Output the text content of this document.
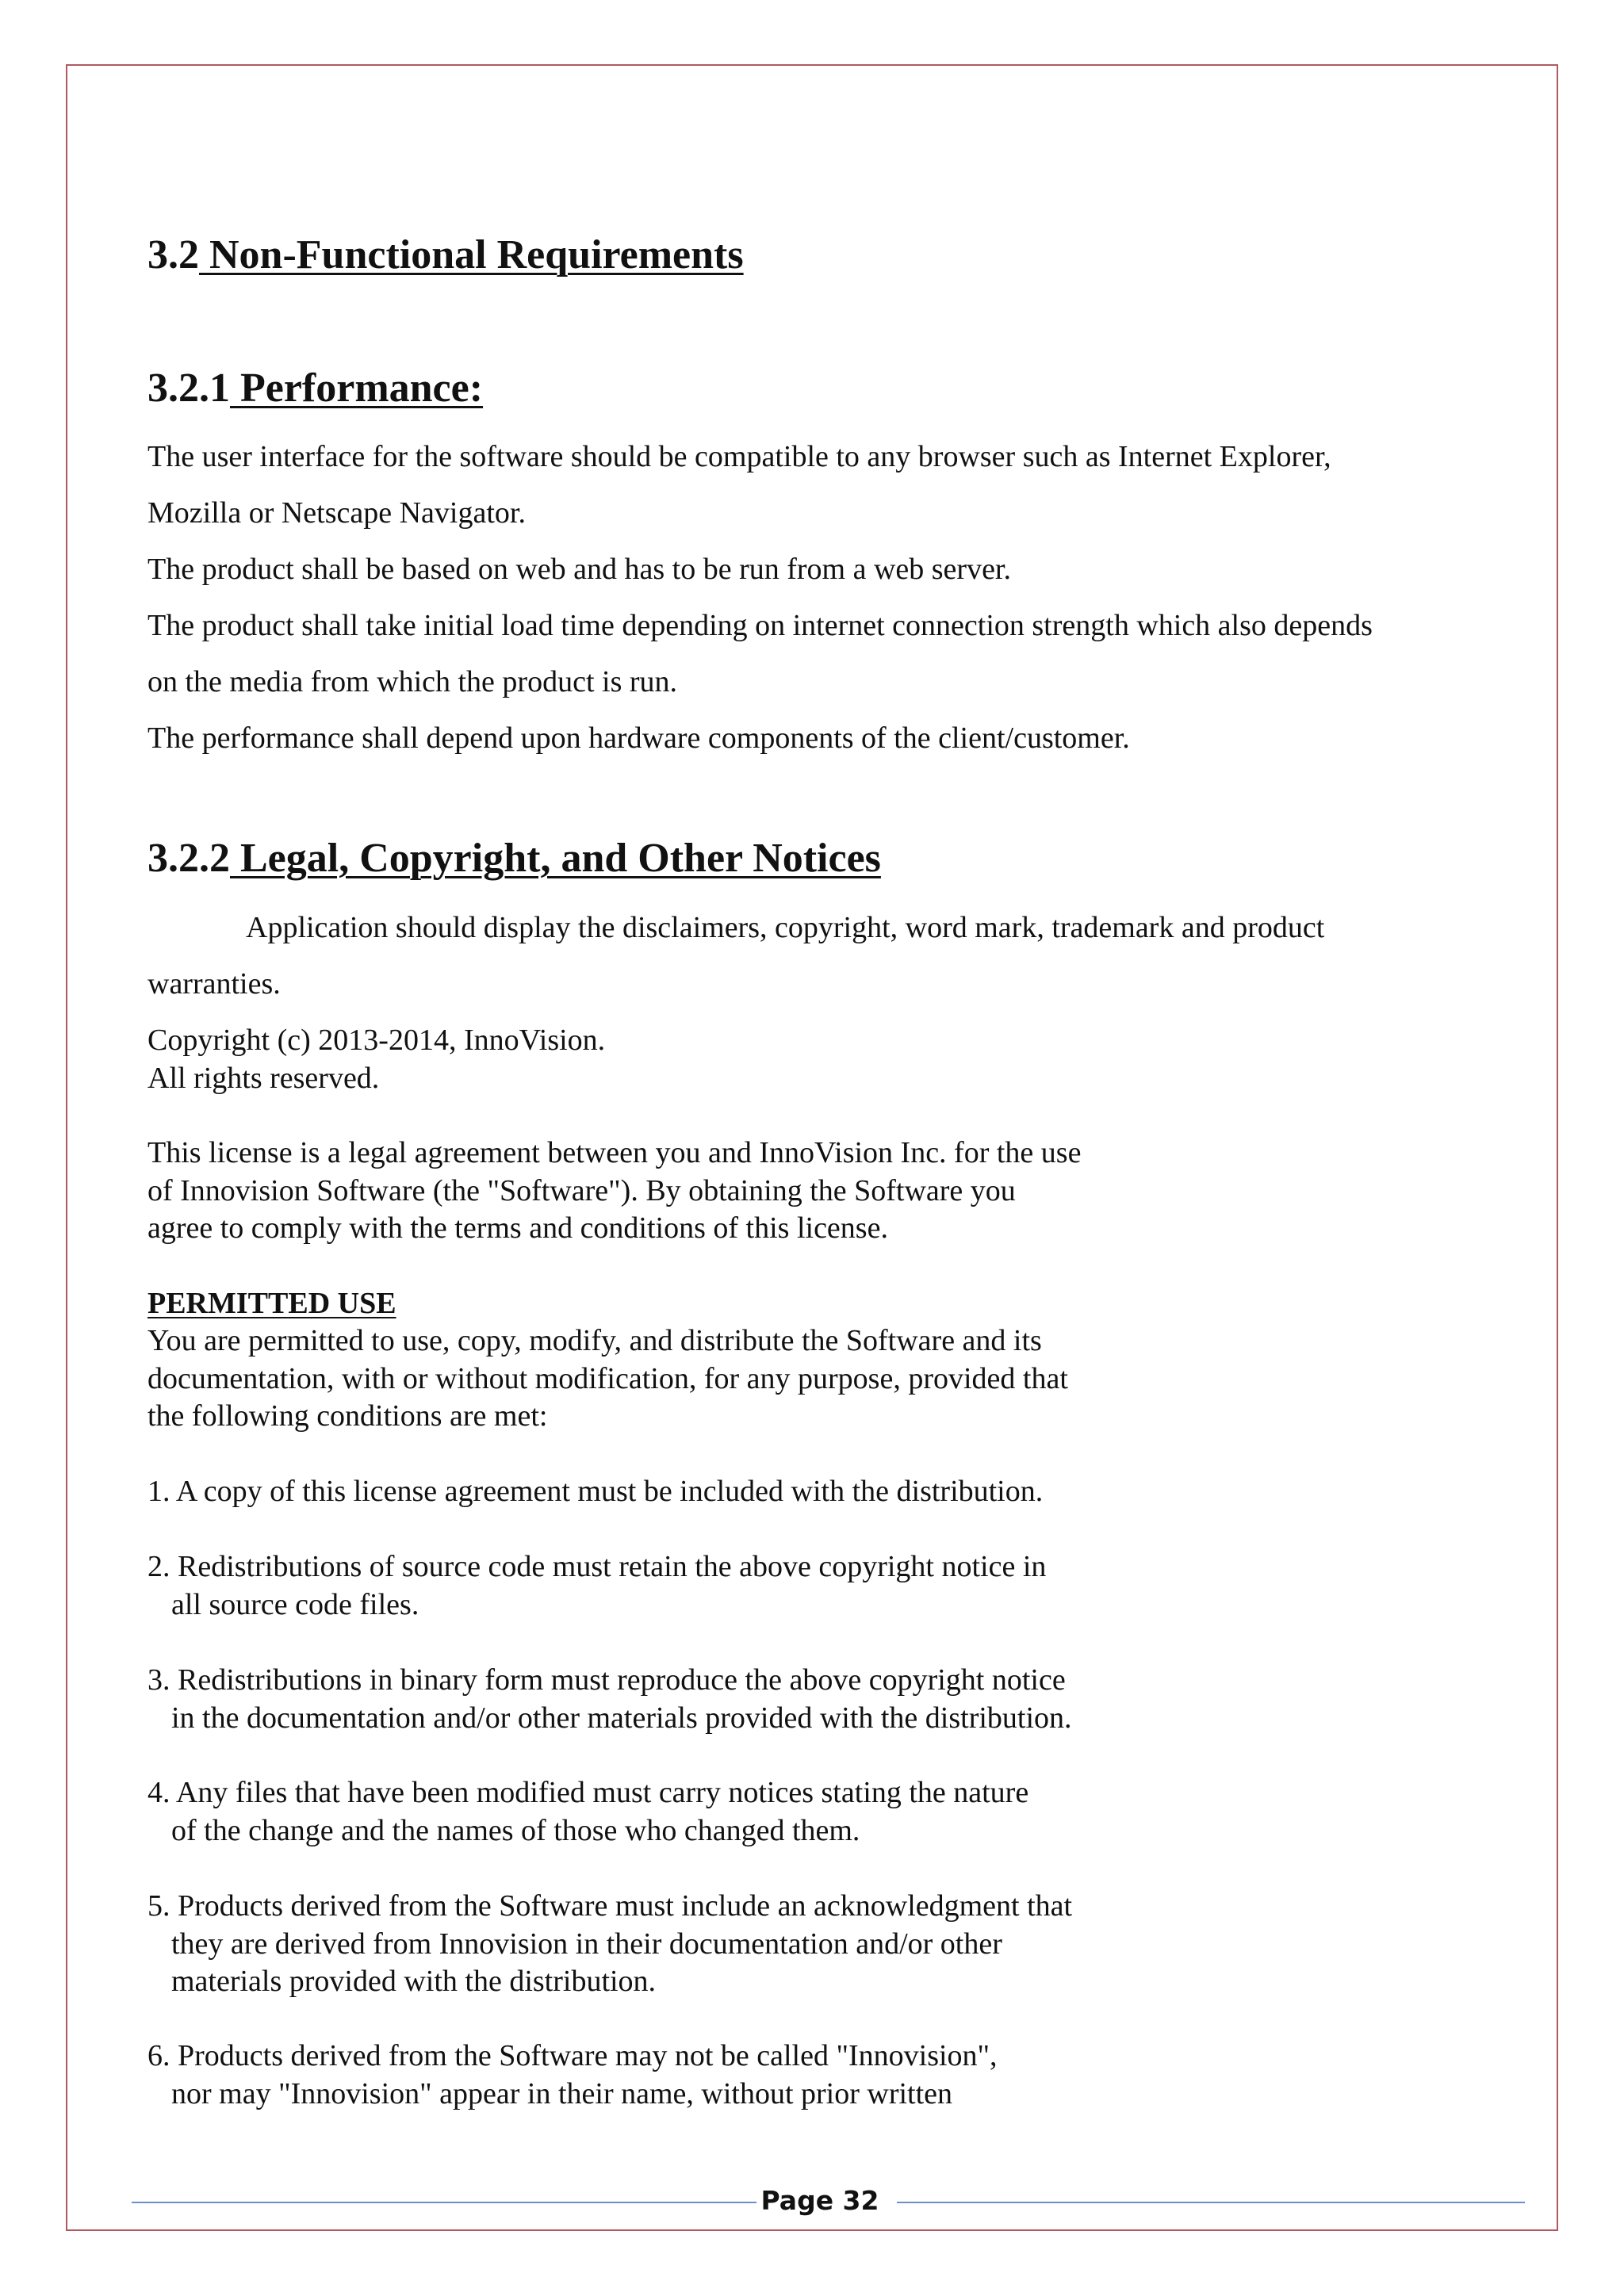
3.2 Non-Functional Requirements
3.2.1 Performance:
The user interface for the software should be compatible to any browser such as Internet Explorer,
Mozilla or Netscape Navigator.
The product shall be based on web and has to be run from a web server.
The product shall take initial load time depending on internet connection strength which also depends
on the media from which the product is run.
The performance shall depend upon hardware components of the client/customer.
3.2.2 Legal, Copyright, and Other Notices
Application should display the disclaimers, copyright, word mark, trademark and product
warranties.
Copyright (c) 2013-2014, InnoVision.
All rights reserved.
This license is a legal agreement between you and InnoVision Inc. for the use
of Innovision Software (the "Software"). By obtaining the Software you
agree to comply with the terms and conditions of this license.
PERMITTED USE
You are permitted to use, copy, modify, and distribute the Software and its
documentation, with or without modification, for any purpose, provided that
the following conditions are met:
1. A copy of this license agreement must be included with the distribution.
2. Redistributions of source code must retain the above copyright notice in
all source code files.
3. Redistributions in binary form must reproduce the above copyright notice
in the documentation and/or other materials provided with the distribution.
4. Any files that have been modified must carry notices stating the nature
of the change and the names of those who changed them.
5. Products derived from the Software must include an acknowledgment that
they are derived from Innovision in their documentation and/or other
materials provided with the distribution.
6. Products derived from the Software may not be called "Innovision",
nor may "Innovision" appear in their name, without prior written
Page 32
